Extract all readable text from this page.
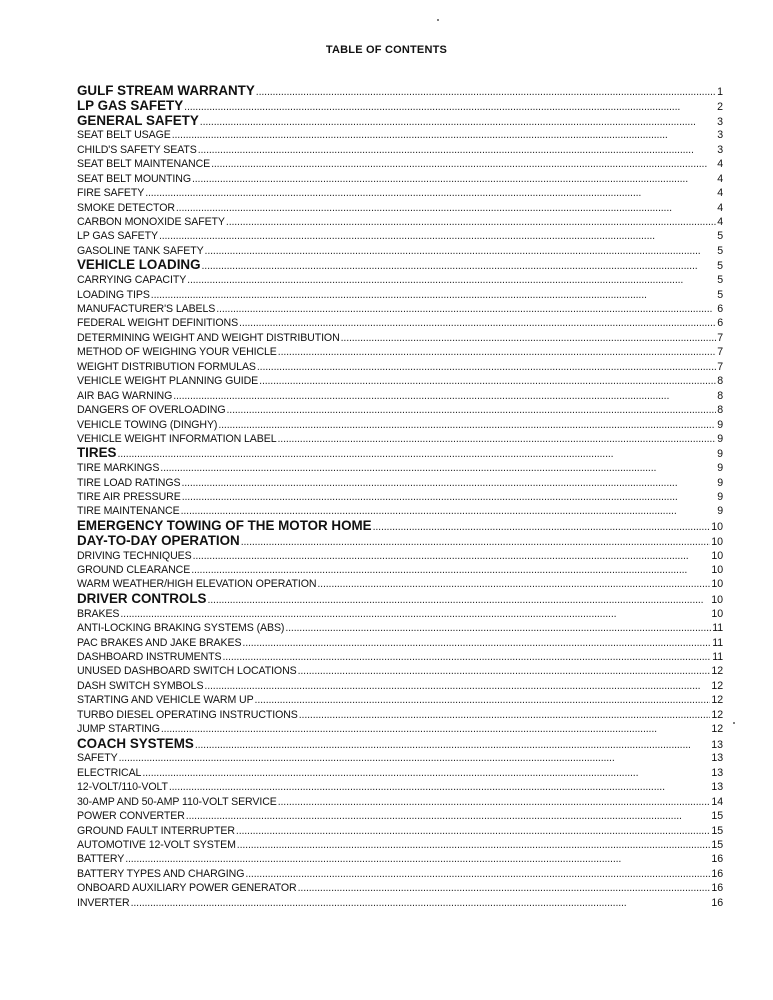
TABLE OF CONTENTS
GULF STREAM WARRANTY . . .	1
LP GAS SAFETY . . .	2
GENERAL SAFETY . . .	3
SEAT BELT USAGE . . .	3
CHILD'S SAFETY SEATS . . .	3
SEAT BELT MAINTENANCE . . .	4
SEAT BELT MOUNTING . . .	4
FIRE SAFETY . . .	4
SMOKE DETECTOR . . .	4
CARBON MONOXIDE SAFETY . . .	4
LP GAS SAFETY . . .	5
GASOLINE TANK SAFETY . . .	5
VEHICLE LOADING . . .	5
CARRYING CAPACITY . . .	5
LOADING TIPS . . .	5
MANUFACTURER'S LABELS . . .	6
FEDERAL WEIGHT DEFINITIONS . . .	6
DETERMINING WEIGHT AND WEIGHT DISTRIBUTION . . .	7
METHOD OF WEIGHING YOUR VEHICLE . . .	7
WEIGHT DISTRIBUTION FORMULAS . . .	7
VEHICLE WEIGHT PLANNING GUIDE . . .	8
AIR BAG WARNING . . .	8
DANGERS OF OVERLOADING . . .	8
VEHICLE TOWING (DINGHY) . . .	9
VEHICLE WEIGHT INFORMATION LABEL . . .	9
TIRES . . .	9
TIRE MARKINGS . . .	9
TIRE LOAD RATINGS . . .	9
TIRE AIR PRESSURE . . .	9
TIRE MAINTENANCE . . .	9
EMERGENCY TOWING OF THE MOTOR HOME . . .	10
DAY-TO-DAY OPERATION . . .	10
DRIVING TECHNIQUES . . .	10
GROUND CLEARANCE . . .	10
WARM WEATHER/HIGH ELEVATION OPERATION . . .	10
DRIVER CONTROLS . . .	10
BRAKES . . .	10
ANTI-LOCKING BRAKING SYSTEMS (ABS) . . .	11
PAC BRAKES AND JAKE BRAKES . . .	11
DASHBOARD INSTRUMENTS . . .	11
UNUSED DASHBOARD SWITCH LOCATIONS . . .	12
DASH SWITCH SYMBOLS . . .	12
STARTING AND VEHICLE WARM UP . . .	12
TURBO DIESEL OPERATING INSTRUCTIONS . . .	12
JUMP STARTING . . .	12
COACH SYSTEMS . . .	13
SAFETY . . .	13
ELECTRICAL . . .	13
12-VOLT/110-VOLT . . .	13
30-AMP AND 50-AMP 110-VOLT SERVICE . . .	14
POWER CONVERTER . . .	15
GROUND FAULT INTERRUPTER . . .	15
AUTOMOTIVE 12-VOLT SYSTEM . . .	15
BATTERY . . .	16
BATTERY TYPES AND CHARGING . . .	16
ONBOARD AUXILIARY POWER GENERATOR . . .	16
INVERTER . . .	16
